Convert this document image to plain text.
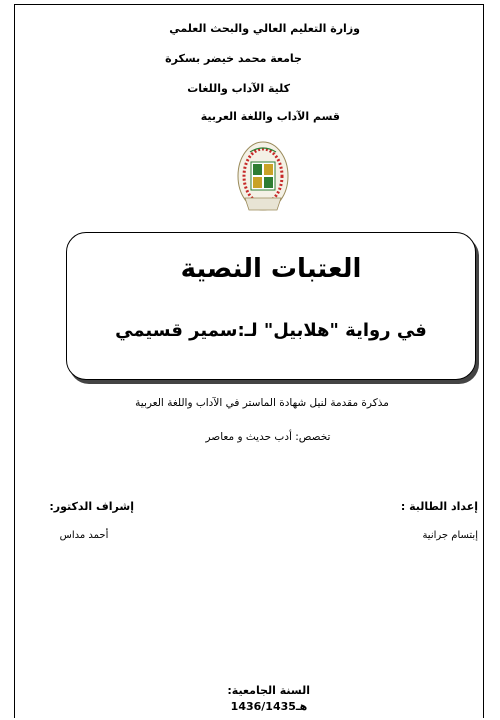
وزارة التعليم العالي والبحث العلمي
جامعة محمد خيضر بسكرة
كلية الآداب واللغات
قسم الآداب واللغة العربية
العتبات النصية
في رواية "هلابيل" لـ:سمير قسيمي
مذكرة مقدمة لنيل شهادة الماستر في الآداب واللغة العربية
تخصص: أدب حديث و معاصر
إعداد الطالبة :
إبتسام جرانية
إشراف الدكتور:
أحمد مداس
السنة الجامعية:
1436/1435هـ
